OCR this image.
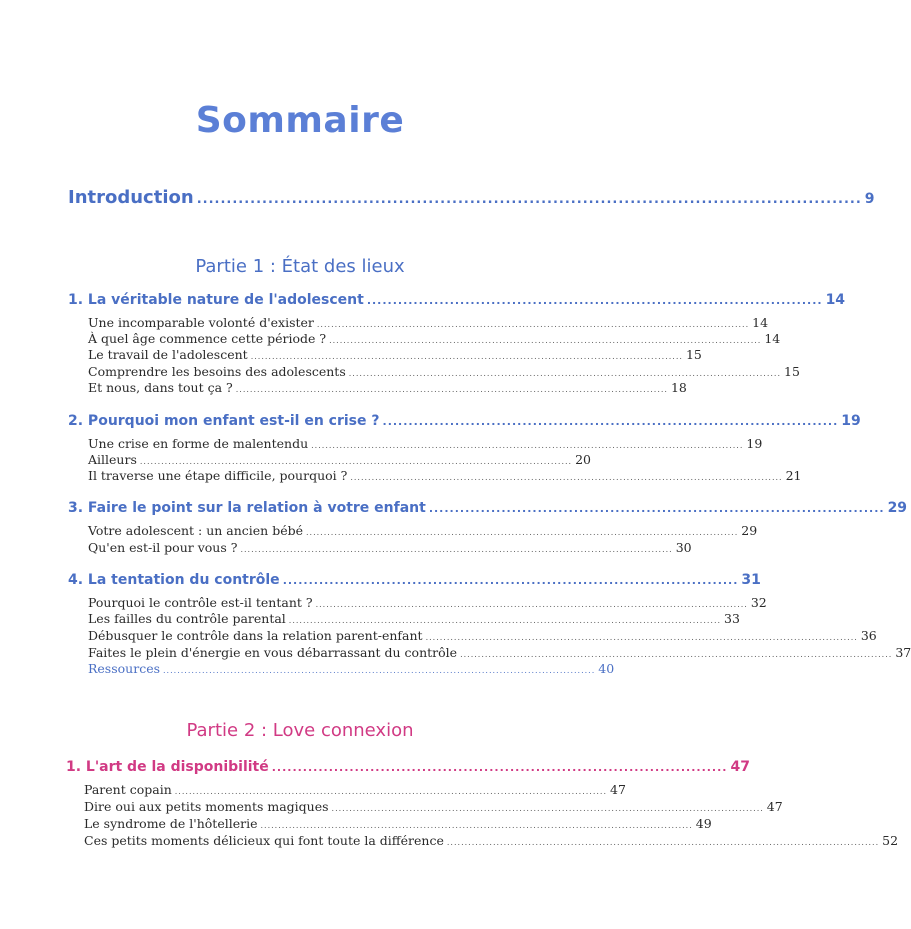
Sommaire
Introduction ................................................................................................................ 9
Partie 1 : État des lieux
1. La véritable nature de l'adolescent ........................................................................................ 14
Une incomparable volonté d'exister .......................................................................................................................... 14
À quel âge commence cette période ? .......................................................................................................................... 14
Le travail de l'adolescent .......................................................................................................................... 15
Comprendre les besoins des adolescents .......................................................................................................................... 15
Et nous, dans tout ça ? .......................................................................................................................... 18
2. Pourquoi mon enfant est-il en crise ? ........................................................................................ 19
Une crise en forme de malentendu .......................................................................................................................... 19
Ailleurs .......................................................................................................................... 20
Il traverse une étape difficile, pourquoi ? .......................................................................................................................... 21
3. Faire le point sur la relation à votre enfant ........................................................................................ 29
Votre adolescent : un ancien bébé .......................................................................................................................... 29
Qu'en est-il pour vous ? .......................................................................................................................... 30
4. La tentation du contrôle ........................................................................................ 31
Pourquoi le contrôle est-il tentant ? .......................................................................................................................... 32
Les failles du contrôle parental .......................................................................................................................... 33
Débusquer le contrôle dans la relation parent-enfant .......................................................................................................................... 36
Faites le plein d'énergie en vous débarrassant du contrôle .......................................................................................................................... 37
Ressources .......................................................................................................................... 40
Partie 2 : Love connexion
1. L'art de la disponibilité ........................................................................................ 47
Parent copain .......................................................................................................................... 47
Dire oui aux petits moments magiques .......................................................................................................................... 47
Le syndrome de l'hôtellerie .......................................................................................................................... 49
Ces petits moments délicieux qui font toute la différence .......................................................................................................................... 52
